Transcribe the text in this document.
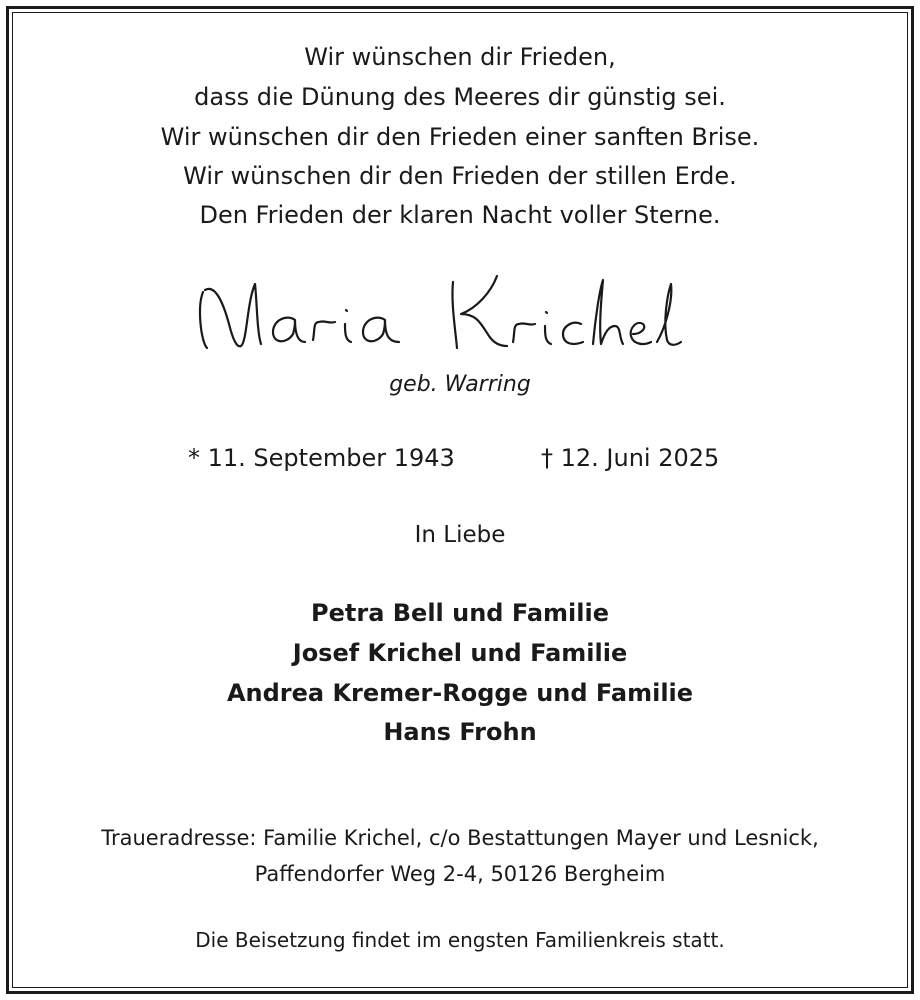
Wir wünschen dir Frieden,

dass die Dünung des Meeres dir günstig sei.

Wir wünschen dir den Frieden einer sanften Brise.

Wir wünschen dir den Frieden der stillen Erde.

Den Frieden der klaren Nacht voller Sterne.

geb. Warring

* 11. September 1943	† 12. Juni 2025

In Liebe

Petra Bell und Familie

Josef Krichel und Familie

Andrea Kremer-Rogge und Familie

Hans Frohn

Traueradresse: Familie Krichel, c/o Bestattungen Mayer und Lesnick,

Paffendorfer Weg 2-4, 50126 Bergheim

Die Beisetzung findet im engsten Familienkreis statt.
